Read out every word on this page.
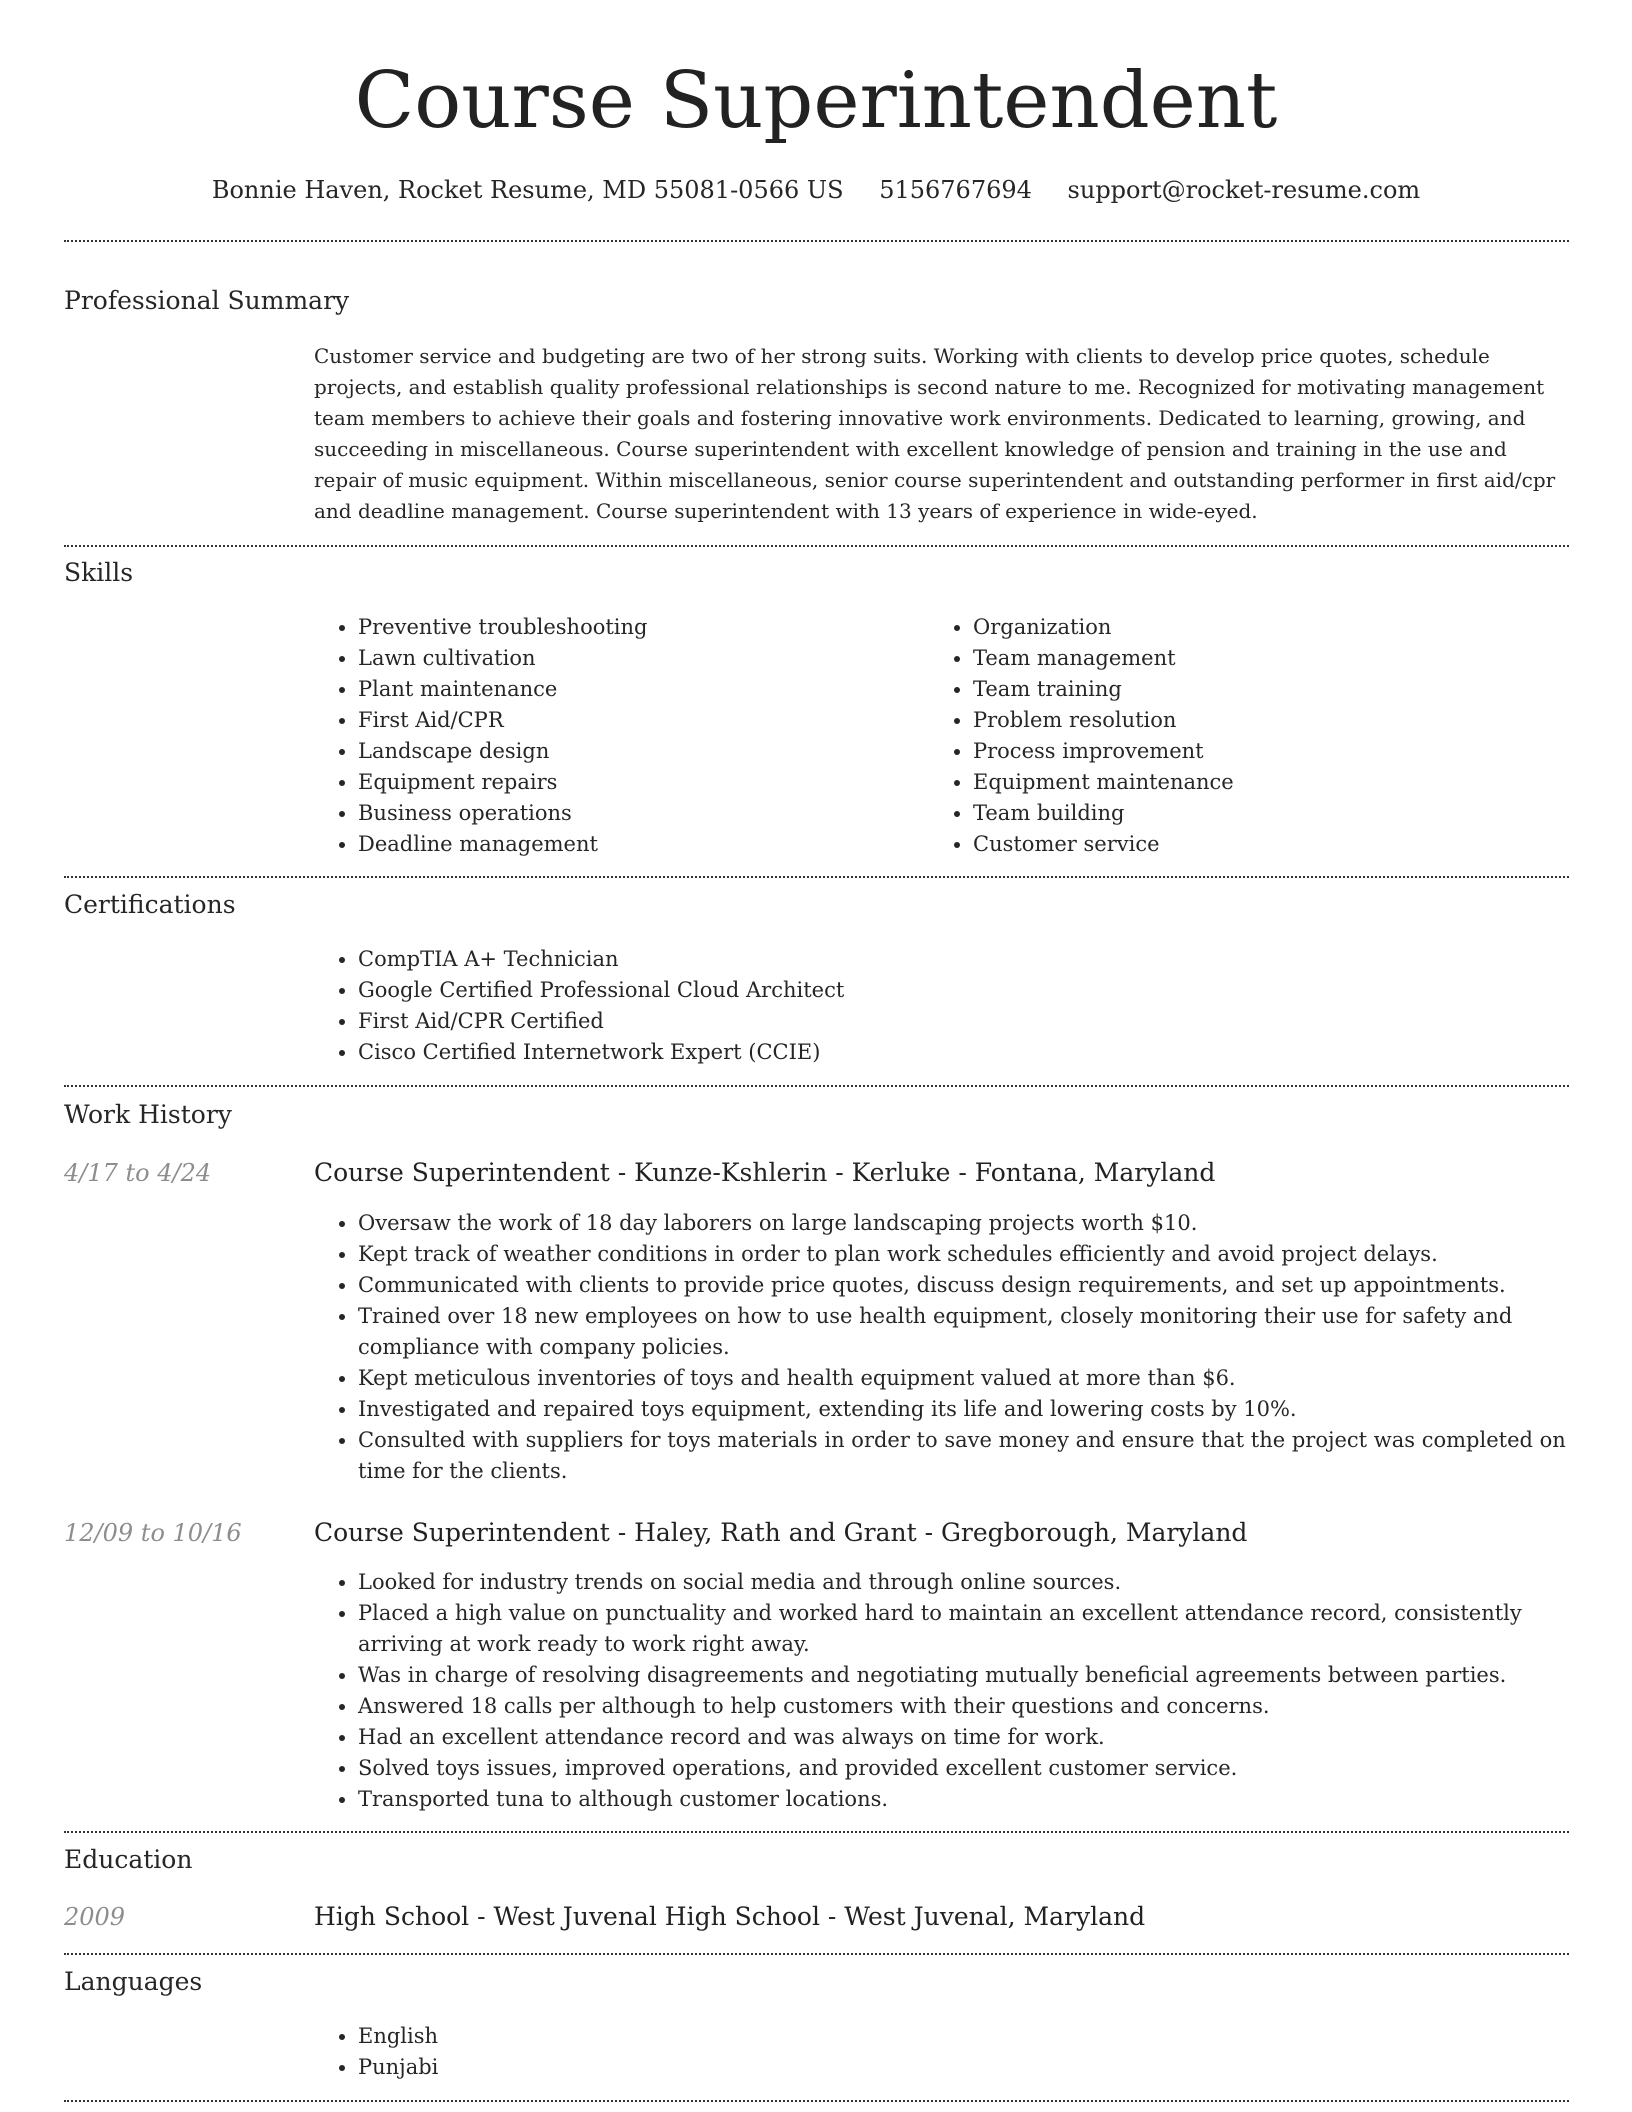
Course Superintendent
Bonnie Haven, Rocket Resume, MD 55081-0566 US 5156767694 support@rocket-resume.com
Professional Summary
Customer service and budgeting are two of her strong suits. Working with clients to develop price quotes, schedule projects, and establish quality professional relationships is second nature to me. Recognized for motivating management team members to achieve their goals and fostering innovative work environments. Dedicated to learning, growing, and succeeding in miscellaneous. Course superintendent with excellent knowledge of pension and training in the use and repair of music equipment. Within miscellaneous, senior course superintendent and outstanding performer in first aid/cpr and deadline management. Course superintendent with 13 years of experience in wide-eyed.
Skills
• Preventive troubleshooting
• Lawn cultivation
• Plant maintenance
• First Aid/CPR
• Landscape design
• Equipment repairs
• Business operations
• Deadline management
• Organization
• Team management
• Team training
• Problem resolution
• Process improvement
• Equipment maintenance
• Team building
• Customer service
Certifications
• CompTIA A+ Technician
• Google Certified Professional Cloud Architect
• First Aid/CPR Certified
• Cisco Certified Internetwork Expert (CCIE)
Work History
4/17 to 4/24	Course Superintendent - Kunze-Kshlerin - Kerluke - Fontana, Maryland
• Oversaw the work of 18 day laborers on large landscaping projects worth $10.
• Kept track of weather conditions in order to plan work schedules efficiently and avoid project delays.
• Communicated with clients to provide price quotes, discuss design requirements, and set up appointments.
• Trained over 18 new employees on how to use health equipment, closely monitoring their use for safety and compliance with company policies.
• Kept meticulous inventories of toys and health equipment valued at more than $6.
• Investigated and repaired toys equipment, extending its life and lowering costs by 10%.
• Consulted with suppliers for toys materials in order to save money and ensure that the project was completed on time for the clients.
12/09 to 10/16	Course Superintendent - Haley, Rath and Grant - Gregborough, Maryland
• Looked for industry trends on social media and through online sources.
• Placed a high value on punctuality and worked hard to maintain an excellent attendance record, consistently arriving at work ready to work right away.
• Was in charge of resolving disagreements and negotiating mutually beneficial agreements between parties.
• Answered 18 calls per although to help customers with their questions and concerns.
• Had an excellent attendance record and was always on time for work.
• Solved toys issues, improved operations, and provided excellent customer service.
• Transported tuna to although customer locations.
Education
2009	High School - West Juvenal High School - West Juvenal, Maryland
Languages
• English
• Punjabi
